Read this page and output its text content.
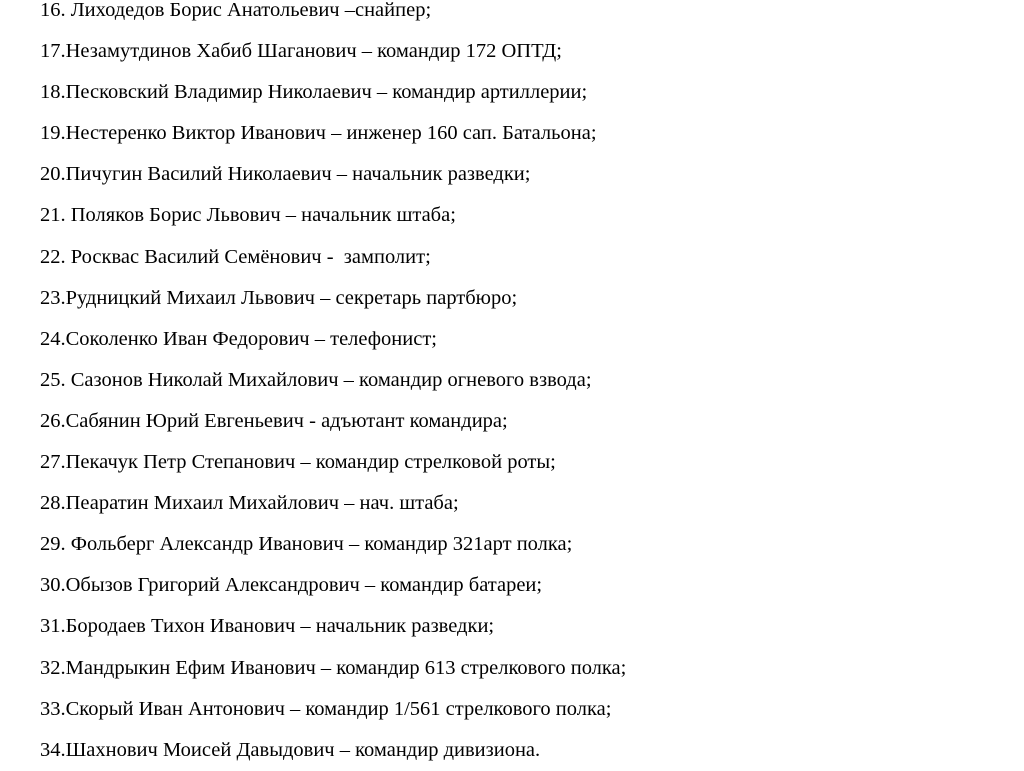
16. Лиходедов Борис Анатольевич –снайпер;
17.Незамутдинов Хабиб Шаганович – командир 172 ОПТД;
18.Песковский Владимир Николаевич – командир артиллерии;
19.Нестеренко Виктор Иванович – инженер 160 сап. Батальона;
20.Пичугин Василий Николаевич – начальник разведки;
21. Поляков Борис Львович – начальник штаба;
22. Росквас Василий Семёнович -  замполит;
23.Рудницкий Михаил Львович – секретарь партбюро;
24.Соколенко Иван Федорович – телефонист;
25. Сазонов Николай Михайлович – командир огневого взвода;
26.Сабянин Юрий Евгеньевич - адъютант командира;
27.Пекачук Петр Степанович – командир стрелковой роты;
28.Пеаратин Михаил Михайлович – нач. штаба;
29. Фольберг Александр Иванович – командир 321арт полка;
30.Обызов Григорий Александрович – командир батареи;
31.Бородаев Тихон Иванович – начальник разведки;
32.Мандрыкин Ефим Иванович – командир 613 стрелкового полка;
33.Скорый Иван Антонович – командир 1/561 стрелкового полка;
34.Шахнович Моисей Давыдович – командир дивизиона.
